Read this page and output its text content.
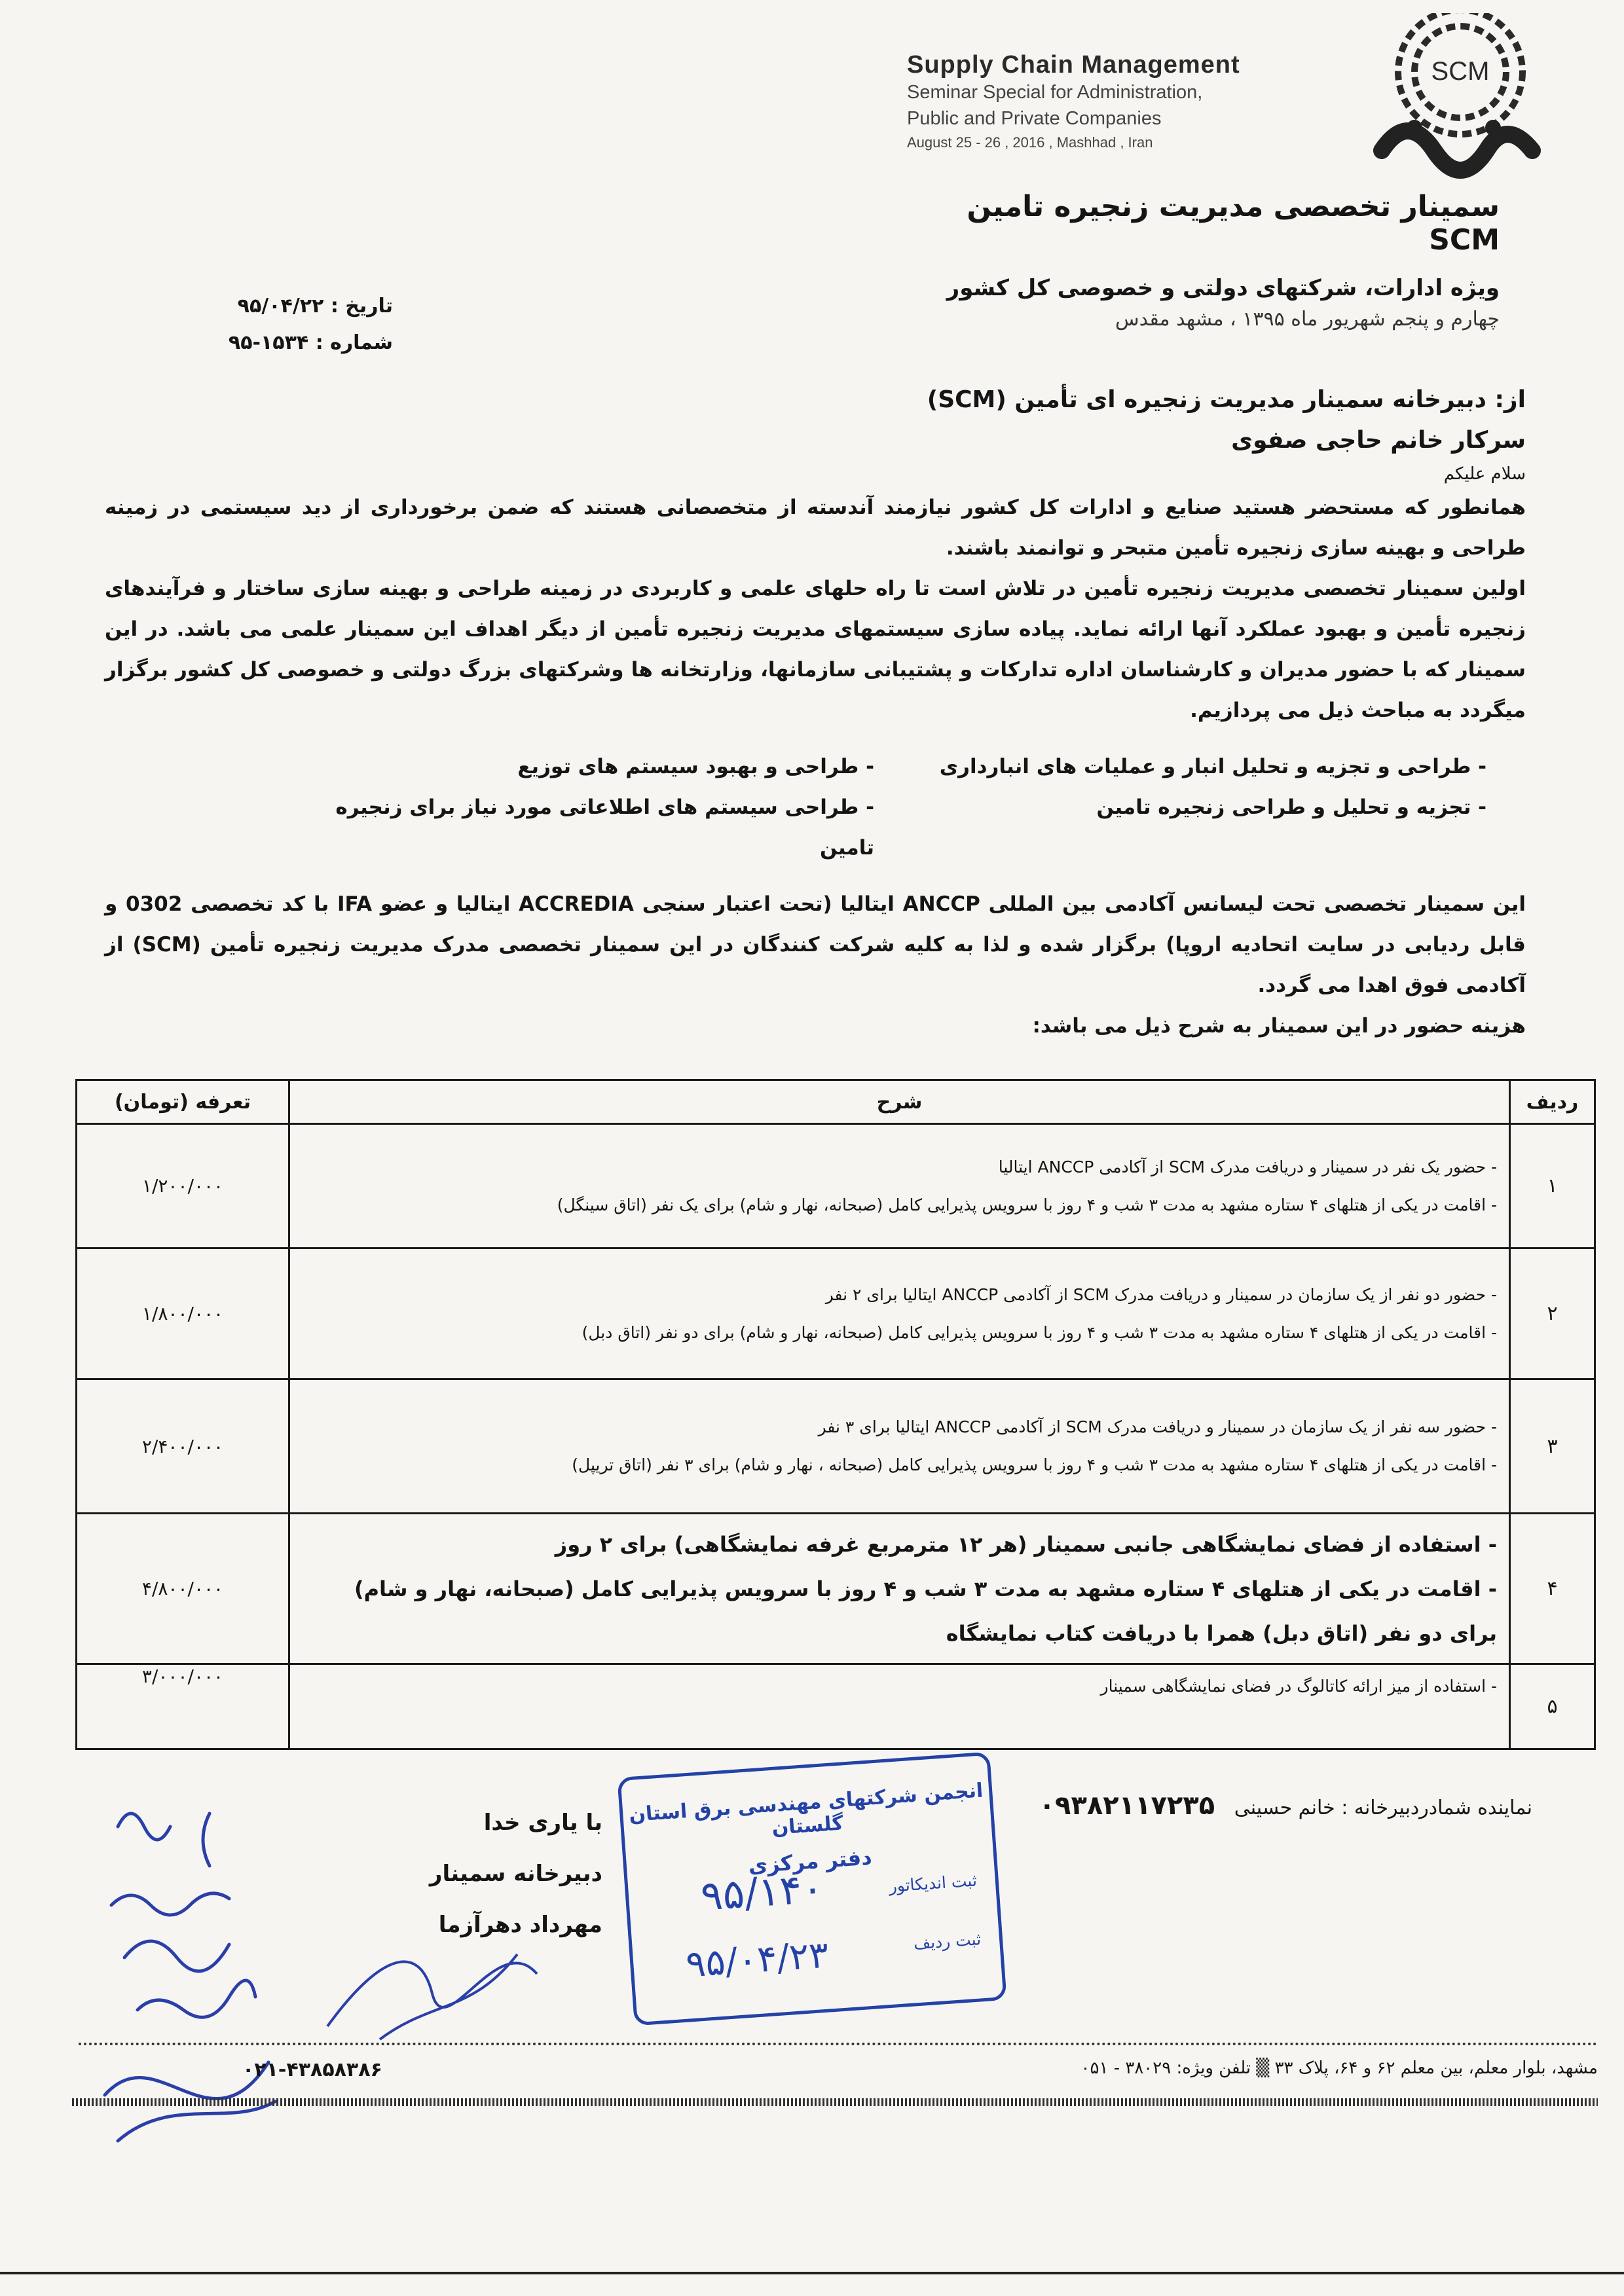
Supply Chain Management
Seminar Special for Administration,
Public and Private Companies
August 25 - 26 , 2016 , Mashhad , Iran
SCM
سمینار تخصصی مدیریت زنجیره تامین SCM
ویژه ادارات، شرکتهای دولتی و خصوصی کل کشور
چهارم و پنجم شهریور ماه ۱۳۹۵ ، مشهد مقدس
تاریخ : ۹۵/۰۴/۲۲
شماره : ۱۵۳۴-۹۵
از: دبیرخانه سمینار مدیریت زنجیره ای تأمین (SCM)
سرکار خانم حاجی صفوی
سلام علیکم

همانطور که مستحضر هستید صنایع و ادارات کل کشور نیازمند آندسته از متخصصانی هستند که ضمن برخورداری از دید سیستمی در زمینه طراحی و بهینه سازی زنجیره تأمین متبحر و توانمند باشند.

اولین سمینار تخصصی مدیریت زنجیره تأمین در تلاش است تا راه حلهای علمی و کاربردی در زمینه طراحی و بهینه سازی ساختار و فرآیندهای زنجیره تأمین و بهبود عملکرد آنها ارائه نماید. پیاده سازی سیستمهای مدیریت زنجیره تأمین از دیگر اهداف این سمینار علمی می باشد. در این سمینار که با حضور مدیران و کارشناسان اداره تدارکات و پشتیبانی سازمانها، وزارتخانه ها وشرکتهای بزرگ دولتی و خصوصی کل کشور برگزار میگردد به مباحث ذیل می پردازیم.

- طراحی و تجزیه و تحلیل انبار و عملیات های انبارداری
- طراحی و بهبود سیستم های توزیع
- تجزیه و تحلیل و طراحی زنجیره تامین
- طراحی سیستم های اطلاعاتی مورد نیاز برای زنجیره تامین

این سمینار تخصصی تحت لیسانس آکادمی بین المللی ANCCP ایتالیا (تحت اعتبار سنجی ACCREDIA ایتالیا و عضو IFA با کد تخصصی 0302 و قابل ردیابی در سایت اتحادیه اروپا) برگزار شده و لذا به کلیه شرکت کنندگان در این سمینار تخصصی مدرک مدیریت زنجیره تأمین (SCM) از آکادمی فوق اهدا می گردد.

هزینه حضور در این سمینار به شرح ذیل می باشد:

ردیف	شرح	تعرفه (تومان)
۱	- حضور یک نفر در سمینار و دریافت مدرک SCM از آکادمی ANCCP ایتالیا
- اقامت در یکی از هتلهای ۴ ستاره مشهد به مدت ۳ شب و ۴ روز با سرویس پذیرایی کامل (صبحانه، نهار و شام) برای یک نفر (اتاق سینگل)	۱/۲۰۰/۰۰۰
۲	- حضور دو نفر از یک سازمان در سمینار و دریافت مدرک SCM از آکادمی ANCCP ایتالیا برای ۲ نفر
- اقامت در یکی از هتلهای ۴ ستاره مشهد به مدت ۳ شب و ۴ روز با سرویس پذیرایی کامل (صبحانه، نهار و شام) برای دو نفر (اتاق دبل)	۱/۸۰۰/۰۰۰
۳	- حضور سه نفر از یک سازمان در سمینار و دریافت مدرک SCM از آکادمی ANCCP ایتالیا برای ۳ نفر
- اقامت در یکی از هتلهای ۴ ستاره مشهد به مدت ۳ شب و ۴ روز با سرویس پذیرایی کامل (صبحانه ، نهار و شام) برای ۳ نفر (اتاق تریپل)	۲/۴۰۰/۰۰۰
۴	- استفاده از فضای نمایشگاهی جانبی سمینار (هر ۱۲ مترمربع غرفه نمایشگاهی) برای ۲ روز
- اقامت در یکی از هتلهای ۴ ستاره مشهد به مدت ۳ شب و ۴ روز با سرویس پذیرایی کامل (صبحانه، نهار و شام) برای دو نفر (اتاق دبل) همرا با دریافت کتاب نمایشگاه	۴/۸۰۰/۰۰۰
۵	- استفاده از میز ارائه کاتالوگ در فضای نمایشگاهی سمینار	۳/۰۰۰/۰۰۰
نماینده شمادردبیرخانه : خانم حسینی ۰۹۳۸۲۱۱۷۲۳۵
با یاری خدا
دبیرخانه سمینار
مهرداد دهرآزما
انجمن شرکتهای مهندسی برق استان گلستان
دفتر مرکزی
ثبت اندیکاتور
۹۵/۱۴۰
ثبت ردیف
۹۵/۰۴/۲۳
مشهد، بلوار معلم، بین معلم ۶۲ و ۶۴، پلاک ۳۳ ▒ تلفن ویژه: ۳۸۰۲۹ - ۰۵۱
۰۲۱-۴۳۸۵۸۳۸۶
